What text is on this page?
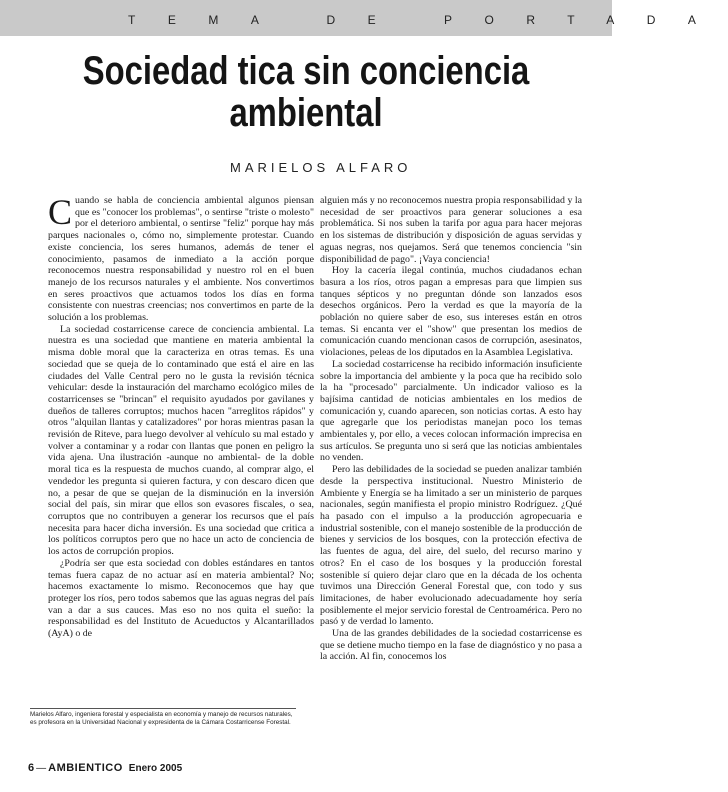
TEMA DE PORTADA
Sociedad tica sin conciencia ambiental
MARIELOS ALFARO

Cuando se habla de conciencia ambiental algunos piensan que es "conocer los problemas", o sentirse "triste o molesto" por el deterioro ambiental, o sentirse "feliz" porque hay más parques nacionales o, cómo no, simplemente protestar. Cuando existe conciencia, los seres humanos, además de tener el conocimiento, pasamos de inmediato a la acción porque reconocemos nuestra responsabilidad y nuestro rol en el buen manejo de los recursos naturales y el ambiente. Nos convertimos en seres proactivos que actuamos todos los días en forma consistente con nuestras creencias; nos convertimos en parte de la solución a los problemas.

La sociedad costarricense carece de conciencia ambiental. La nuestra es una sociedad que mantiene en materia ambiental la misma doble moral que la caracteriza en otras temas. Es una sociedad que se queja de lo contaminado que está el aire en las ciudades del Valle Central pero no le gusta la revisión técnica vehicular: desde la instauración del marchamo ecológico miles de costarricenses se "brincan" el requisito ayudados por gavilanes y dueños de talleres corruptos; muchos hacen "arreglitos rápidos" y otros "alquilan llantas y catalizadores" por horas mientras pasan la revisión de Riteve, para luego devolver al vehículo su mal estado y volver a contaminar y a rodar con llantas que ponen en peligro la vida ajena. Una ilustración -aunque no ambiental- de la doble moral tica es la respuesta de muchos cuando, al comprar algo, el vendedor les pregunta si quieren factura, y con descaro dicen que no, a pesar de que se quejan de la disminución en la inversión social del país, sin mirar que ellos son evasores fiscales, o sea, corruptos que no contribuyen a generar los recursos que el país necesita para hacer dicha inversión. Es una sociedad que critica a los políticos corruptos pero que no hace un acto de conciencia de los actos de corrupción propios.

¿Podría ser que esta sociedad con dobles estándares en tantos temas fuera capaz de no actuar así en materia ambiental? No; hacemos exactamente lo mismo. Reconocemos que hay que proteger los ríos, pero todos sabemos que las aguas negras del país van a dar a sus cauces. Mas eso no nos quita el sueño: la responsabilidad es del Instituto de Acueductos y Alcantarillados (AyA) o de

alguien más y no reconocemos nuestra propia responsabilidad y la necesidad de ser proactivos para generar soluciones a esa problemática. Si nos suben la tarifa por agua para hacer mejoras en los sistemas de distribución y disposición de aguas servidas y aguas negras, nos quejamos. Será que tenemos conciencia "sin disponibilidad de pago". ¡Vaya conciencia!

Hoy la cacería ilegal continúa, muchos ciudadanos echan basura a los ríos, otros pagan a empresas para que limpien sus tanques sépticos y no preguntan dónde son lanzados esos desechos orgánicos. Pero la verdad es que la mayoría de la población no quiere saber de eso, sus intereses están en otros temas. Si encanta ver el "show" que presentan los medios de comunicación cuando mencionan casos de corrupción, asesinatos, violaciones, peleas de los diputados en la Asamblea Legislativa.

La sociedad costarricense ha recibido información insuficiente sobre la importancia del ambiente y la poca que ha recibido solo la ha "procesado" parcialmente. Un indicador valioso es la bajísima cantidad de noticias ambientales en los medios de comunicación y, cuando aparecen, son noticias cortas. A esto hay que agregarle que los periodistas manejan poco los temas ambientales y, por ello, a veces colocan información imprecisa en sus artículos. Se pregunta uno si será que las noticias ambientales no venden.

Pero las debilidades de la sociedad se pueden analizar también desde la perspectiva institucional. Nuestro Ministerio de Ambiente y Energía se ha limitado a ser un ministerio de parques nacionales, según manifiesta el propio ministro Rodríguez. ¿Qué ha pasado con el impulso a la producción agropecuaria e industrial sostenible, con el manejo sostenible de la producción de bienes y servicios de los bosques, con la protección efectiva de las fuentes de agua, del aire, del suelo, del recurso marino y otros? En el caso de los bosques y la producción forestal sostenible sí quiero dejar claro que en la década de los ochenta tuvimos una Dirección General Forestal que, con todo y sus limitaciones, de haber evolucionado adecuadamente hoy sería posiblemente el mejor servicio forestal de Centroamérica. Pero no pasó y de verdad lo lamento.

Una de las grandes debilidades de la sociedad costarricense es que se detiene mucho tiempo en la fase de diagnóstico y no pasa a la acción. Al fin, conocemos los

Marielos Alfaro, ingeniera forestal y especialista en economía y manejo de recursos naturales, es profesora en la Universidad Nacional y expresidenta de la Cámara Costarricense Forestal.
6 — AMBIENTICO Enero 2005
